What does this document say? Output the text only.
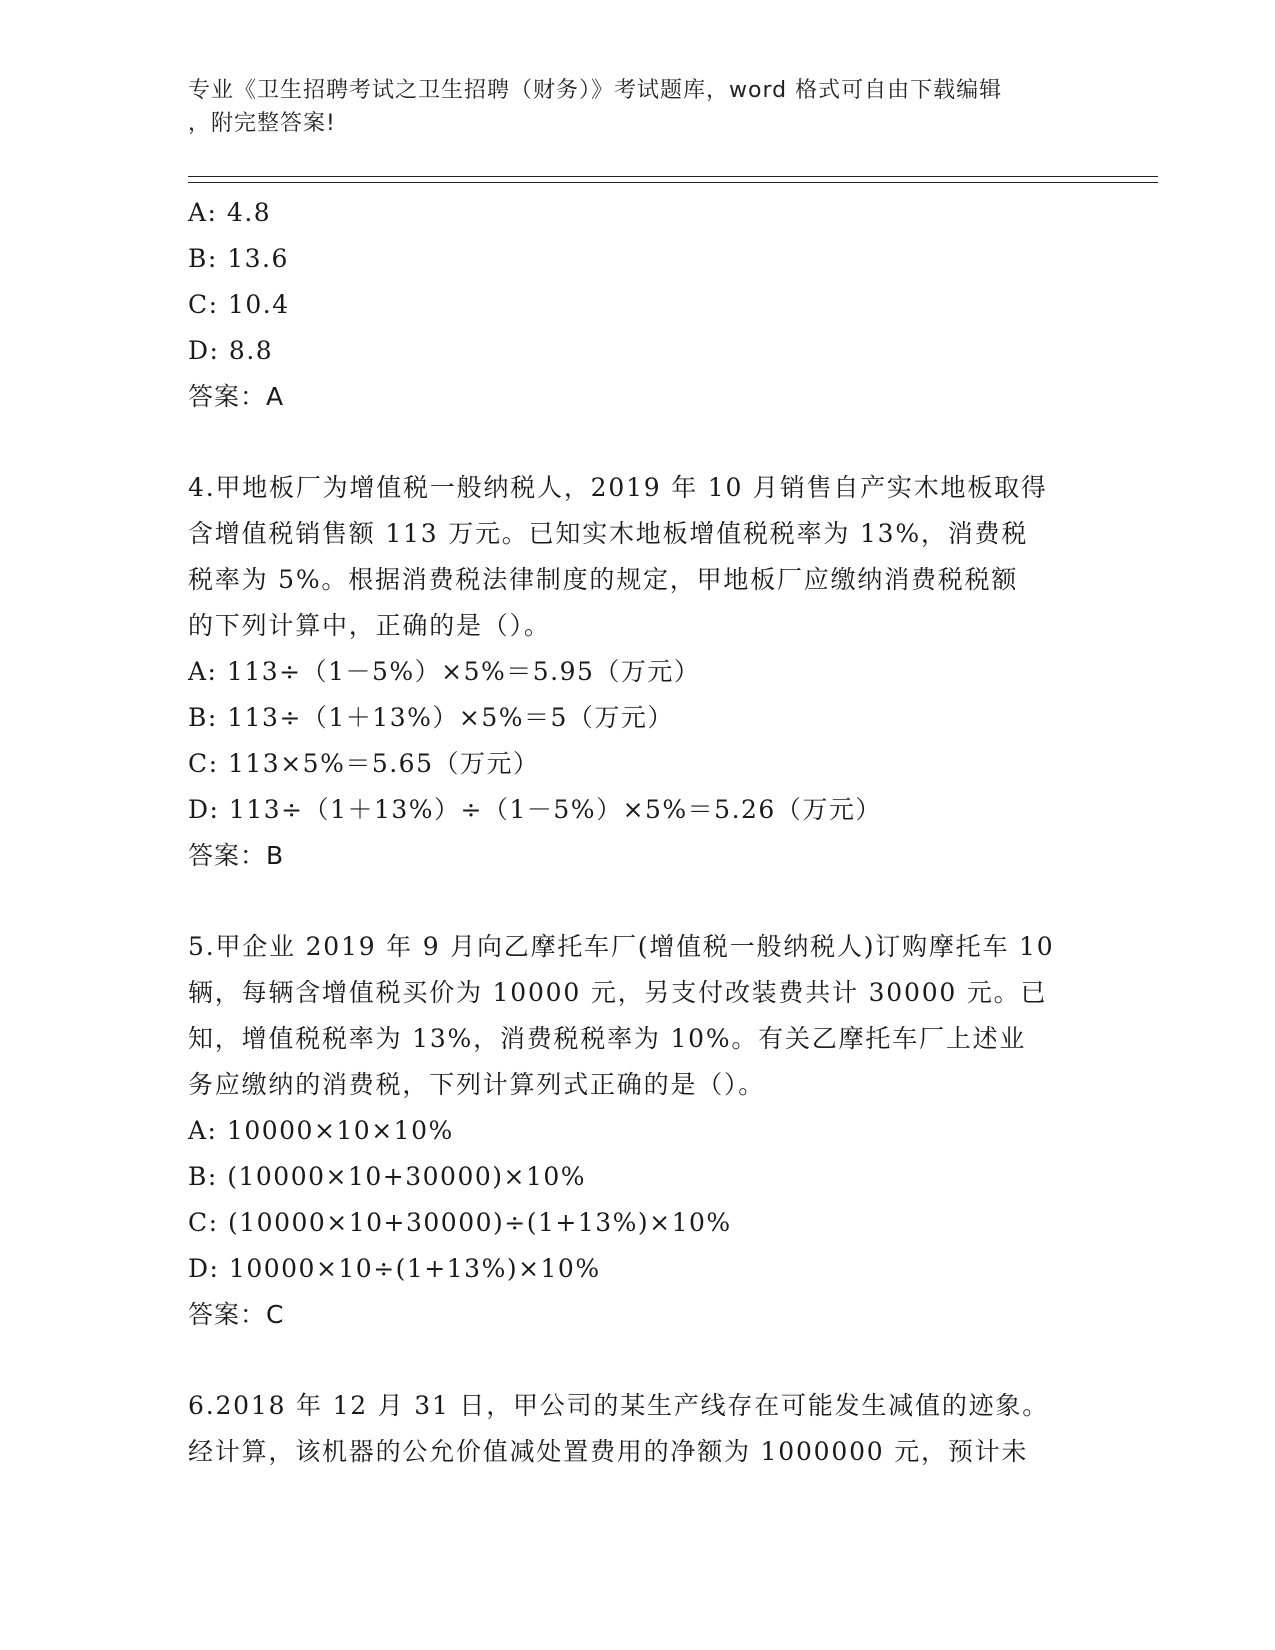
专业《卫生招聘考试之卫生招聘（财务）》考试题库，word 格式可自由下载编辑
，附完整答案!
A: 4.8
B: 13.6
C: 10.4
D: 8.8
答案：A
4.甲地板厂为增值税一般纳税人，2019 年 10 月销售自产实木地板取得
含增值税销售额 113 万元。已知实木地板增值税税率为 13%，消费税
税率为 5%。根据消费税法律制度的规定，甲地板厂应缴纳消费税税额
的下列计算中，正确的是（）。
A: 113÷（1－5%）×5%＝5.95（万元）
B: 113÷（1＋13%）×5%＝5（万元）
C: 113×5%＝5.65（万元）
D: 113÷（1＋13%）÷（1－5%）×5%＝5.26（万元）
答案：B
5.甲企业 2019 年 9 月向乙摩托车厂(增值税一般纳税人)订购摩托车 10
辆，每辆含增值税买价为 10000 元，另支付改装费共计 30000 元。已
知，增值税税率为 13%，消费税税率为 10%。有关乙摩托车厂上述业
务应缴纳的消费税，下列计算列式正确的是（）。
A: 10000×10×10%
B: (10000×10+30000)×10%
C: (10000×10+30000)÷(1+13%)×10%
D: 10000×10÷(1+13%)×10%
答案：C
6.2018 年 12 月 31 日，甲公司的某生产线存在可能发生减值的迹象。
经计算，该机器的公允价值减处置费用的净额为 1000000 元，预计未
